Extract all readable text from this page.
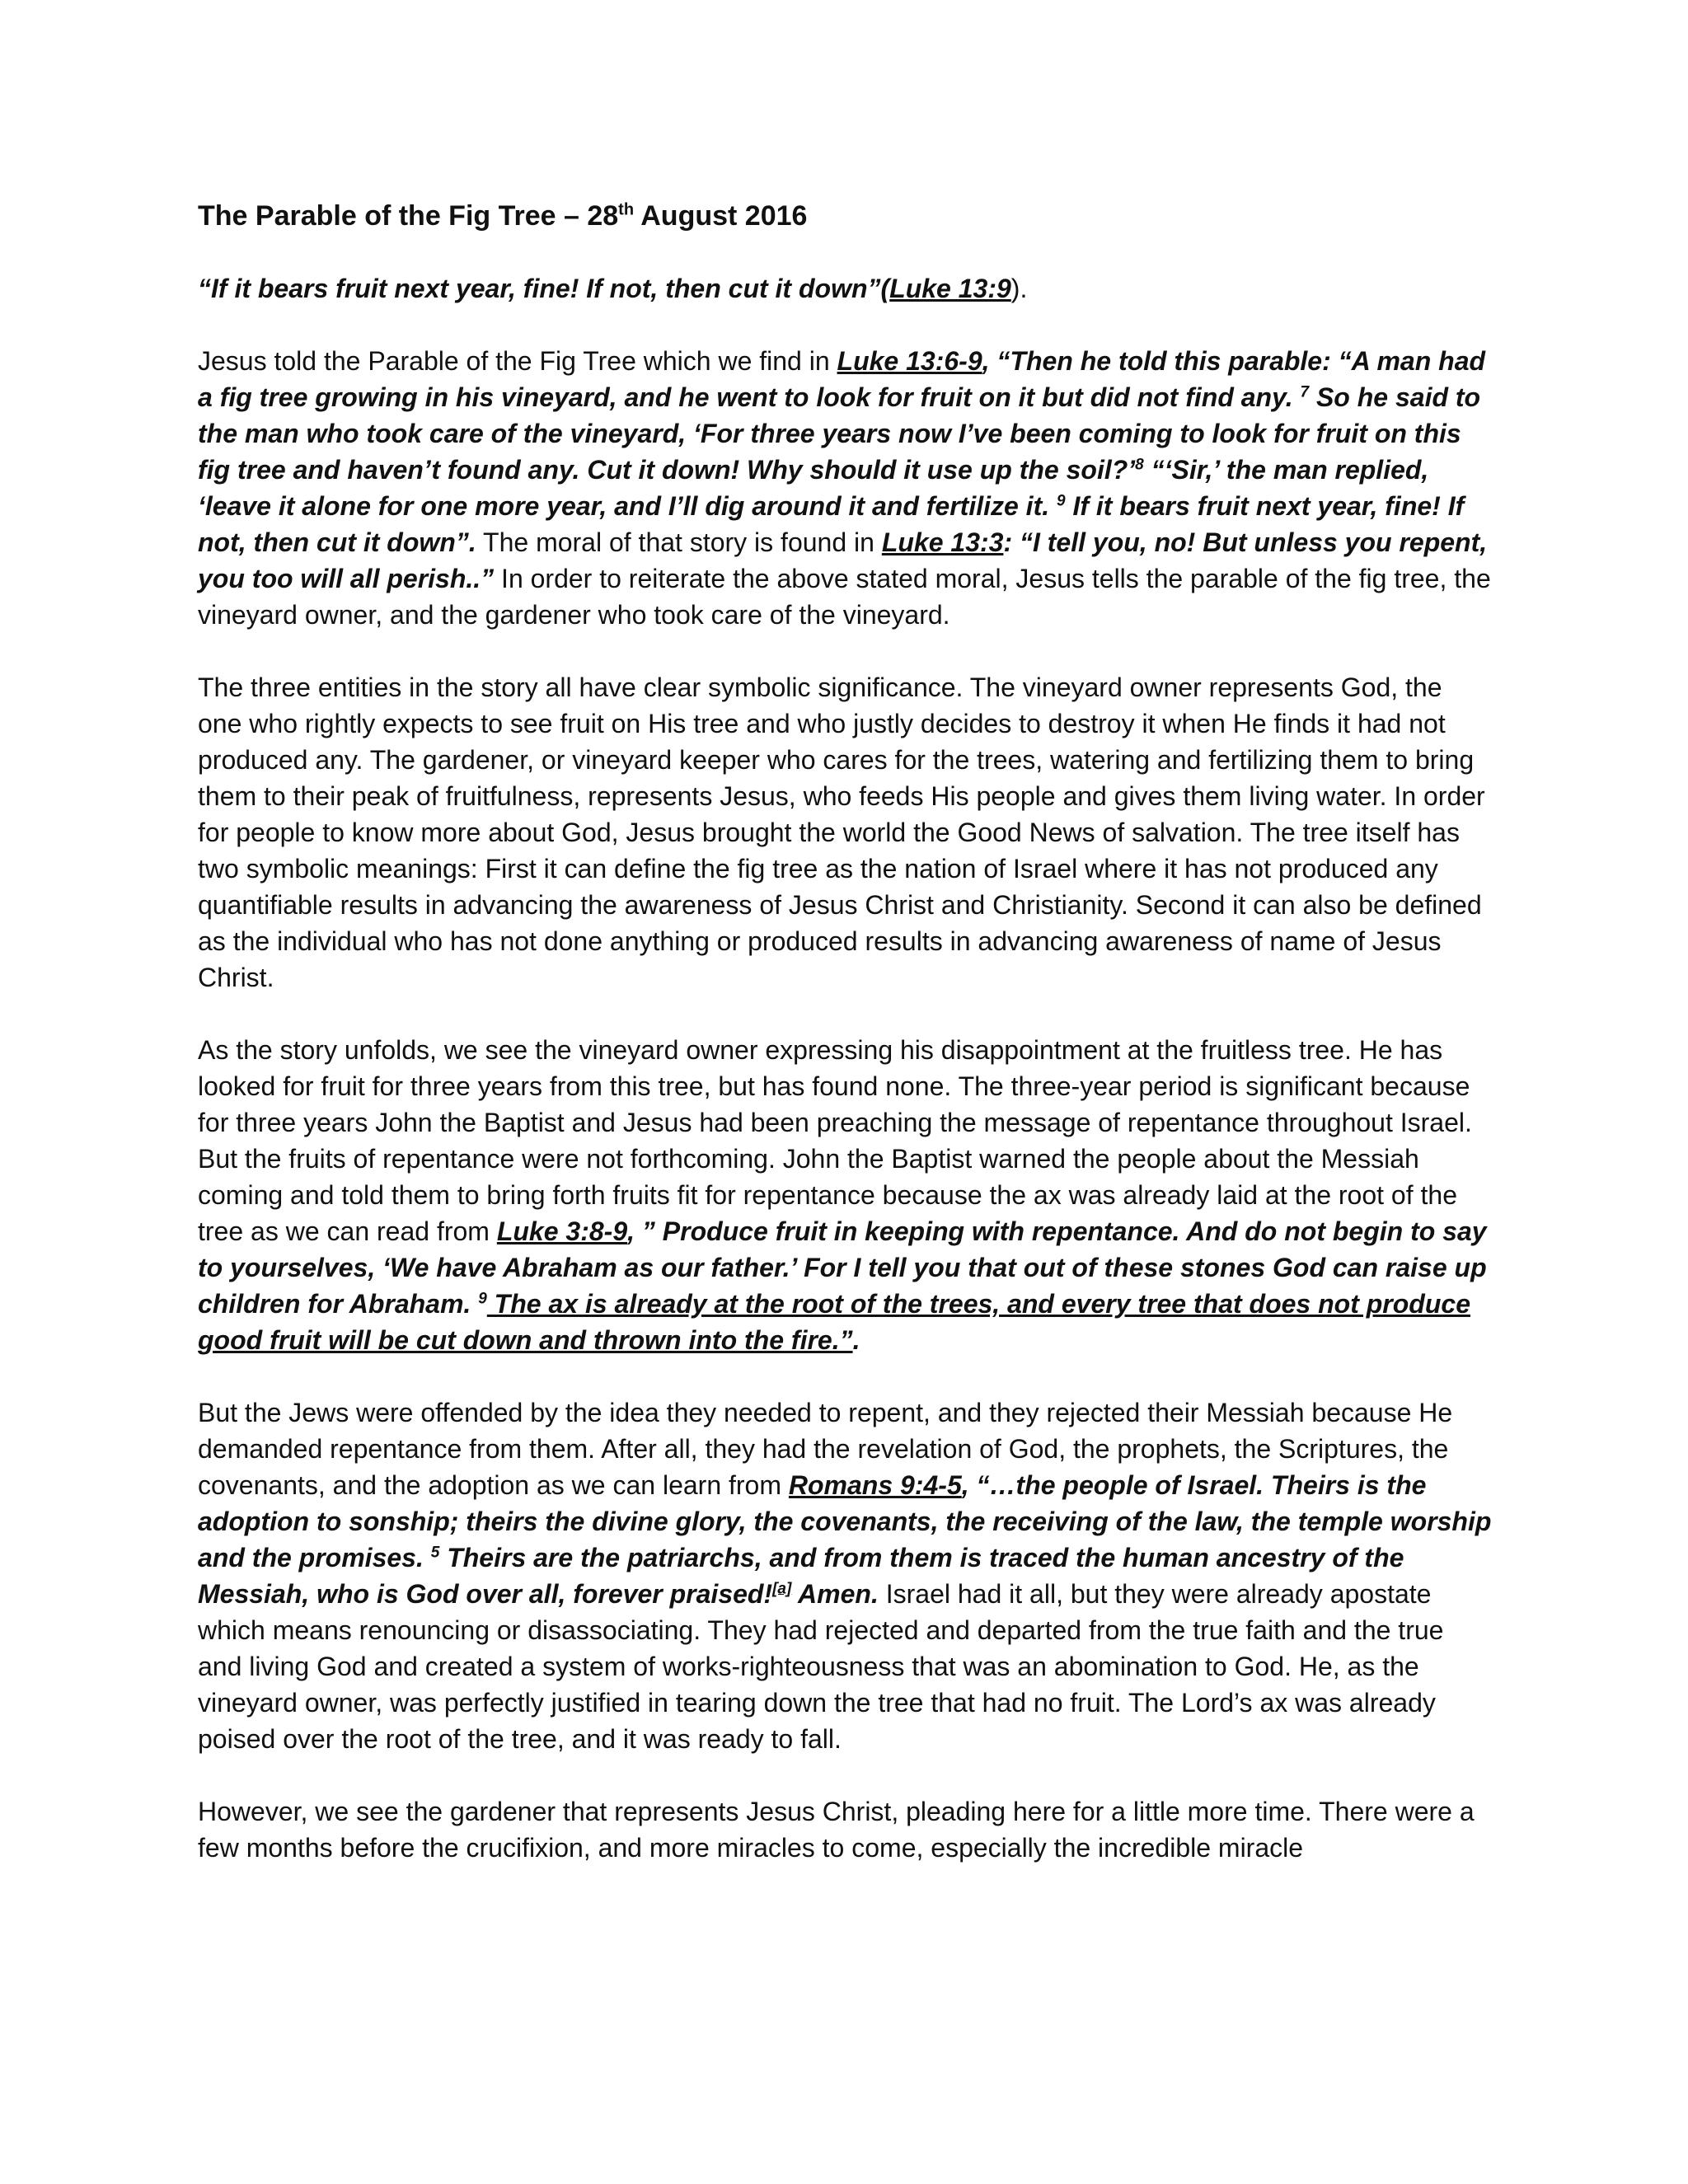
The Parable of the Fig Tree – 28th August 2016

“If it bears fruit next year, fine! If not, then cut it down”(Luke 13:9).

Jesus told the Parable of the Fig Tree which we find in Luke 13:6-9, “Then he told this parable: “A man had a fig tree growing in his vineyard, and he went to look for fruit on it but did not find any. $^7$ So he said to the man who took care of the vineyard, ‘For three years now I’ve been coming to look for fruit on this fig tree and haven’t found any. Cut it down! Why should it use up the soil?’$^8$ “‘Sir,’ the man replied, ‘leave it alone for one more year, and I’ll dig around it and fertilize it. $^9$ If it bears fruit next year, fine! If not, then cut it down”. The moral of that story is found in Luke 13:3: “I tell you, no! But unless you repent, you too will all perish..” In order to reiterate the above stated moral, Jesus tells the parable of the fig tree, the vineyard owner, and the gardener who took care of the vineyard.

The three entities in the story all have clear symbolic significance. The vineyard owner represents God, the one who rightly expects to see fruit on His tree and who justly decides to destroy it when He finds it had not produced any. The gardener, or vineyard keeper who cares for the trees, watering and fertilizing them to bring them to their peak of fruitfulness, represents Jesus, who feeds His people and gives them living water. In order for people to know more about God, Jesus brought the world the Good News of salvation. The tree itself has two symbolic meanings: First it can define the fig tree as the nation of Israel where it has not produced any quantifiable results in advancing the awareness of Jesus Christ and Christianity. Second it can also be defined as the individual who has not done anything or produced results in advancing awareness of name of Jesus Christ.

As the story unfolds, we see the vineyard owner expressing his disappointment at the fruitless tree. He has looked for fruit for three years from this tree, but has found none. The three-year period is significant because for three years John the Baptist and Jesus had been preaching the message of repentance throughout Israel. But the fruits of repentance were not forthcoming. John the Baptist warned the people about the Messiah coming and told them to bring forth fruits fit for repentance because the ax was already laid at the root of the tree as we can read from Luke 3:8-9, ” Produce fruit in keeping with repentance. And do not begin to say to yourselves, ‘We have Abraham as our father.’ For I tell you that out of these stones God can raise up children for Abraham. $^9$ The ax is already at the root of the trees, and every tree that does not produce good fruit will be cut down and thrown into the fire.”.

But the Jews were offended by the idea they needed to repent, and they rejected their Messiah because He demanded repentance from them. After all, they had the revelation of God, the prophets, the Scriptures, the covenants, and the adoption as we can learn from Romans 9:4-5, “…the people of Israel. Theirs is the adoption to sonship; theirs the divine glory, the covenants, the receiving of the law, the temple worship and the promises. $^5$ Theirs are the patriarchs, and from them is traced the human ancestry of the Messiah, who is God over all, forever praised![a] Amen. Israel had it all, but they were already apostate which means renouncing or disassociating. They had rejected and departed from the true faith and the true and living God and created a system of works-righteousness that was an abomination to God. He, as the vineyard owner, was perfectly justified in tearing down the tree that had no fruit. The Lord’s ax was already poised over the root of the tree, and it was ready to fall.

However, we see the gardener that represents Jesus Christ, pleading here for a little more time. There were a few months before the crucifixion, and more miracles to come, especially the incredible miracle
